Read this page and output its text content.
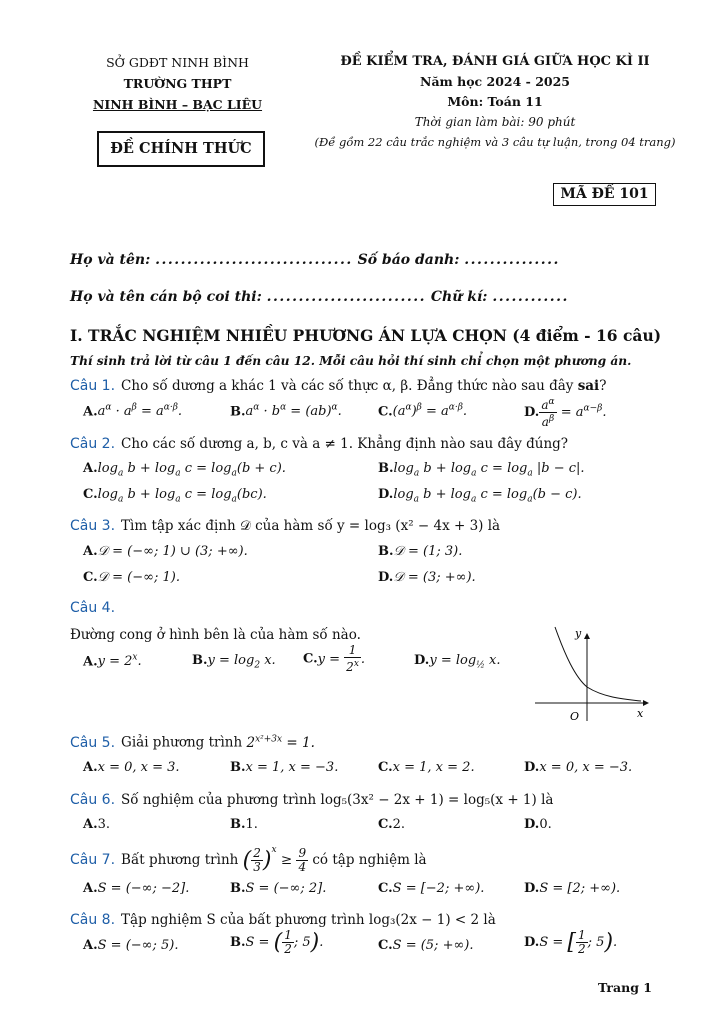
SỞ GDĐT NINH BÌNH
TRƯỜNG THPT
NINH BÌNH – BẠC LIÊU
ĐỀ CHÍNH THỨC
ĐỀ KIỂM TRA, ĐÁNH GIÁ GIỮA HỌC KÌ II
Năm học 2024 - 2025
Môn: Toán 11
Thời gian làm bài: 90 phút
(Đề gồm 22 câu trắc nghiệm và 3 câu tự luận, trong 04 trang)
MÃ ĐỀ 101
Họ và tên: ............................... Số báo danh: ...............
Họ và tên cán bộ coi thi: ......................... Chữ kí: ............
I. TRẮC NGHIỆM NHIỀU PHƯƠNG ÁN LỰA CHỌN (4 điểm - 16 câu)
Thí sinh trả lời từ câu 1 đến câu 12. Mỗi câu hỏi thí sinh chỉ chọn một phương án.
Câu 1. Cho số dương a khác 1 và các số thực α, β. Đẳng thức nào sau đây sai?
$A.a^\alpha \cdot a^\beta = a^{\alpha\cdot\beta}$.	$B.a^\alpha \cdot b^\alpha = (ab)^\alpha$.	$C.(a^\alpha)^\beta = a^{\alpha\cdot\beta}$.	D. $\frac{a^\alpha}{a^\beta} = a^{\alpha-\beta}$.
Câu 2. Cho các số dương a, b, c và a ≠ 1. Khẳng định nào sau đây đúng?
$A.\log_a$ $b + \log_a c = \log_a(b + c)$.	$B.\log_a$ $b + \log_a c = \log_a |b - c|$.
$C.\log_a$ $b + \log_a c = \log_a(bc)$.	$D.\log_a$ $b + \log_a c = \log_a(b - c)$.
Câu 3. Tìm tập xác định 𝒟 của hàm số y = log₃ (x² − 4x + 3) là
A.𝒟 = (−∞; 1) ∪ (3; +∞).	B.𝒟 = (1; 3).
C.𝒟 = (−∞; 1).	D.𝒟 = (3; +∞).
Câu 4.
Đường cong ở hình bên là của hàm số nào.
$A.y = 2^x$.	$B.y = \log_2 x$. $C.y = \frac{1}{2^x}$ .	$D.y = \log_{\frac{1}{2}} x$.
y
x
O
Câu 5. Giải phương trình $2^{x^2+3x} = 1$.
A.x = 0, x = 3.	B.x = 1, x = −3.	C.x = 1, x = 2.	D.x = 0, x = −3.
Câu 6. Số nghiệm của phương trình log₅(3x² − 2x + 1) = log₅(x + 1) là
A.3.	B.1.	C.2.	D.0.
Câu 7. Bất phương trình ( $\frac{2}{3} )^x \ge \frac{9}{4}$ có tập nghiệm là
A.S = (−∞; −2].	B.S = (−∞; 2].	C.S = [−2; +∞).	D.S = [2; +∞).
Câu 8. Tập nghiệm S của bất phương trình log₃(2x − 1) < 2 là
A.S = (−∞; 5).	B.S = ( $\frac{1}{2}$ ; 5).	C.S = (5; +∞).	D.S = [ $\frac{1}{2}$ ; 5).
Trang 1
